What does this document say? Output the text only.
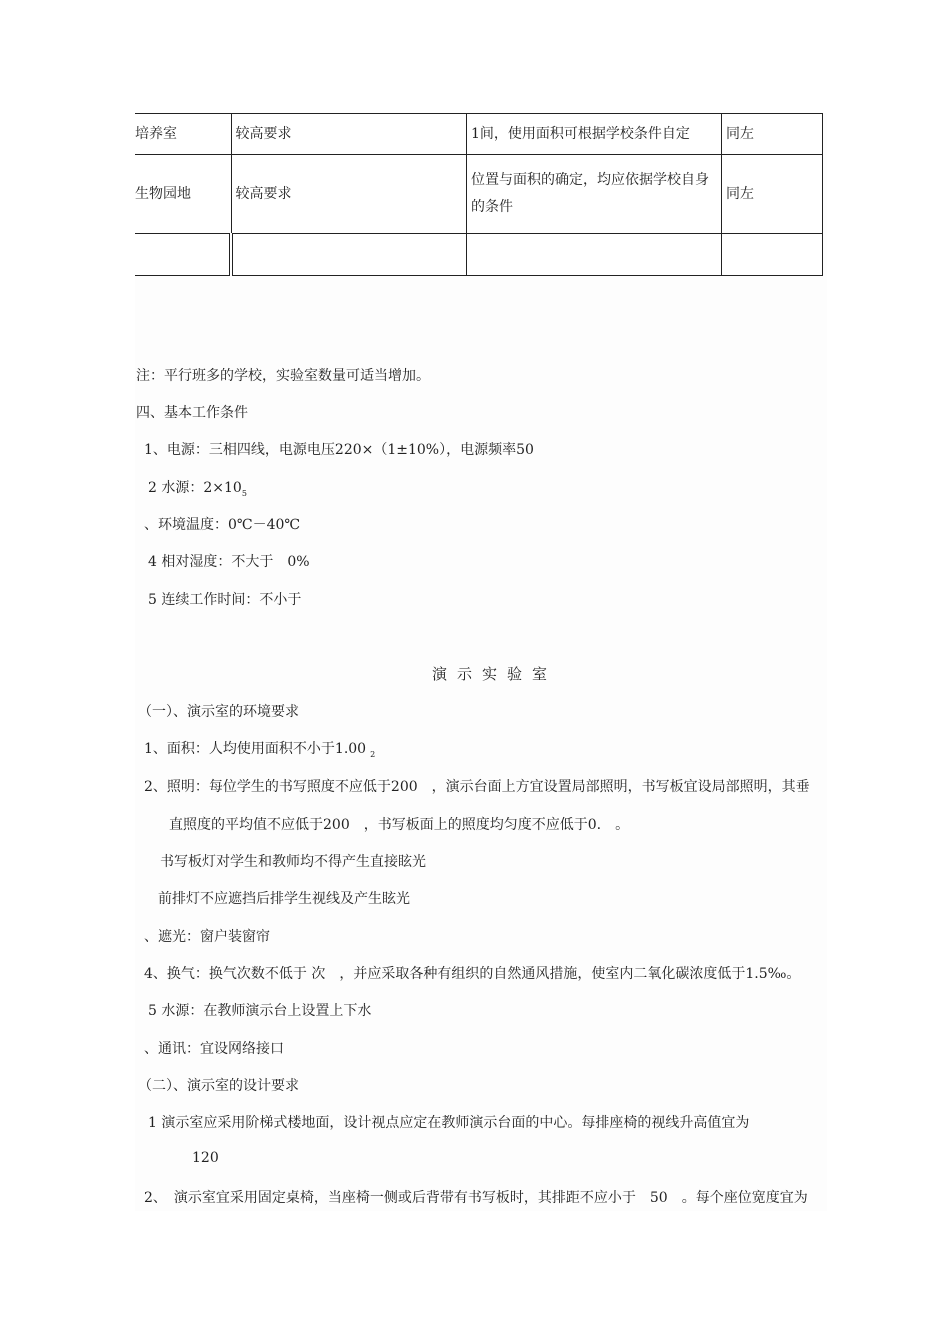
培养室	较高要求	1间，使用面积可根据学校条件自定	同左
生物园地	较高要求	位置与面积的确定，均应依据学校自身的条件	同左

注：平行班多的学校，实验室数量可适当增加。
四、基本工作条件
1、电源：三相四线，电源电压220×（1±10%），电源频率50
2 水源：$2\times 10_5$
、环境温度：0℃－40℃
4 相对湿度：不大于　0%
5 连续工作时间：不小于
演示实验室
（一）、演示室的环境要求
1、面积：人均使用面积不小于1.00 $_2$
2、照明：每位学生的书写照度不应低于200　，演示台面上方宜设置局部照明，书写板宜设局部照明，其垂
直照度的平均值不应低于200　，书写板面上的照度均匀度不应低于0.　。
书写板灯对学生和教师均不得产生直接眩光
前排灯不应遮挡后排学生视线及产生眩光
、遮光：窗户装窗帘
4、换气：换气次数不低于 次　，并应采取各种有组织的自然通风措施，使室内二氧化碳浓度低于1.5‰。
5 水源：在教师演示台上设置上下水
、通讯：宜设网络接口
（二）、演示室的设计要求
1 演示室应采用阶梯式楼地面，设计视点应定在教师演示台面的中心。每排座椅的视线升高值宜为
120
2、　演示室宜采用固定桌椅，当座椅一侧或后背带有书写板时，其排距不应小于　50　。每个座位宽度宜为
